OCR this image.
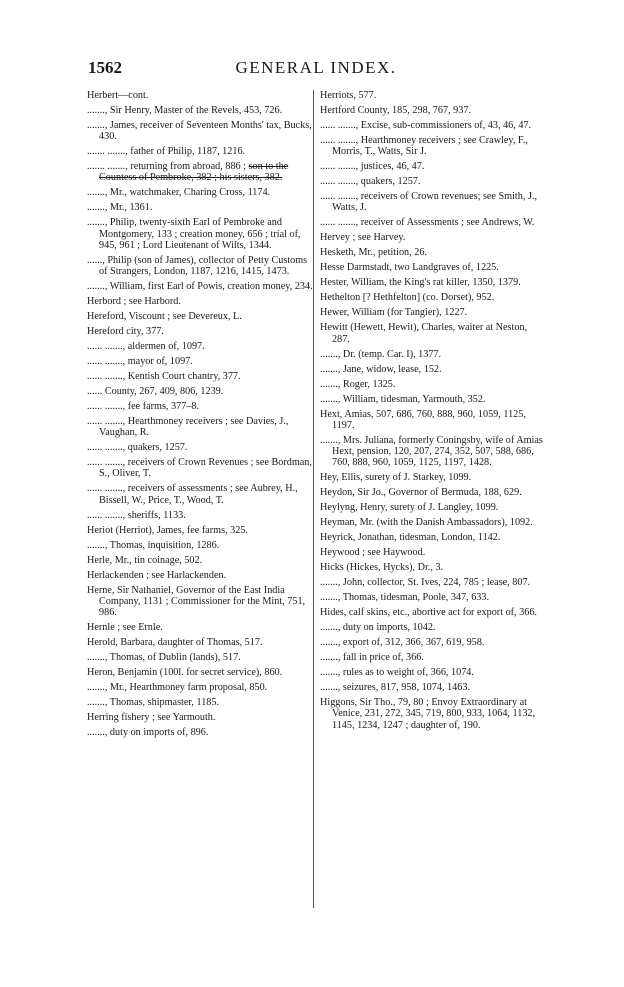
1562	GENERAL INDEX.

Herbert—cont.

......., Sir Henry, Master of the Revels, 453, 726.

......., James, receiver of Seventeen Months' tax, Bucks, 430.

....... ......., father of Philip, 1187, 1216.

....... ......., returning from abroad, 886 ; son to the Countess of Pembroke, 382 ; his sisters, 382.

......., Mr., watchmaker, Charing Cross, 1174.

......., Mr., 1361.

......., Philip, twenty-sixth Earl of Pembroke and Montgomery, 133 ; creation money, 656 ; trial of, 945, 961 ; Lord Lieutenant of Wilts, 1344.

......, Philip (son of James), collector of Petty Customs of Strangers, London, 1187, 1216, 1415, 1473.

......., William, first Earl of Powis, creation money, 234.

Herbord ; see Harbord.

Hereford, Viscount ; see Devereux, L.

Hereford city, 377.

...... ......., aldermen of, 1097.

...... ......., mayor of, 1097.

...... ......., Kentish Court chantry, 377.

...... County, 267, 409, 806, 1239.

...... ......., fee farms, 377–8.

...... ......., Hearthmoney receivers ; see Davies, J., Vaughan, R.

...... ......., quakers, 1257.

...... ......., receivers of Crown Revenues ; see Bordman, S., Oliver, T.

...... ......., receivers of assessments ; see Aubrey, H., Bissell, W., Price, T., Wood, T.

...... ......., sheriffs, 1133.

Heriot (Herriot), James, fee farms, 325.

......., Thomas, inquisition, 1286.

Herle, Mr., tin coinage, 502.

Herlackenden ; see Harlackenden.

Herne, Sir Nathaniel, Governor of the East India Company, 1131 ; Commissioner for the Mint, 751, 986.

Hernle ; see Ernle.

Herold, Barbara, daughter of Thomas, 517.

......., Thomas, of Dublin (lands), 517.

Heron, Benjamin (100l. for secret service), 860.

......., Mr., Hearthmoney farm proposal, 850.

......., Thomas, shipmaster, 1185.

Herring fishery ; see Yarmouth.

......., duty on imports of, 896.

Herriots, 577.

Hertford County, 185, 298, 767, 937.

...... ......., Excise, sub-commissioners of, 43, 46, 47.

...... ......., Hearthmoney receivers ; see Crawley, F., Morris, T., Watts, Sir J.

...... ......., justices, 46, 47.

...... ......., quakers, 1257.

...... ......., receivers of Crown revenues; see Smith, J., Watts, J.

...... ......., receiver of Assessments ; see Andrews, W.

Hervey ; see Harvey.

Hesketh, Mr., petition, 26.

Hesse Darmstadt, two Landgraves of, 1225.

Hester, William, the King's rat killer, 1350, 1379.

Hethelton [? Hethfelton] (co. Dorset), 952.

Hewer, William (for Tangier), 1227.

Hewitt (Hewett, Hewit), Charles, waiter at Neston, 287.

......., Dr. (temp. Car. I), 1377.

......., Jane, widow, lease, 152.

......., Roger, 1325.

......., William, tidesman, Yarmouth, 352.

Hext, Amias, 507, 686, 760, 888, 960, 1059, 1125, 1197.

......., Mrs. Juliana, formerly Coningsby, wife of Amias Hext, pension, 120, 207, 274, 352, 507, 588, 686, 760, 888, 960, 1059, 1125, 1197, 1428.

Hey, Ellis, surety of J. Starkey, 1099.

Heydon, Sir Jo., Governor of Bermuda, 188, 629.

Heylyng, Henry, surety of J. Langley, 1099.

Heyman, Mr. (with the Danish Ambassadors), 1092.

Heyrick, Jonathan, tidesman, London, 1142.

Heywood ; see Haywood.

Hicks (Hickes, Hycks), Dr., 3.

......., John, collector, St. Ives, 224, 785 ; lease, 807.

......., Thomas, tidesman, Poole, 347, 633.

Hides, calf skins, etc., abortive act for export of, 366.

......., duty on imports, 1042.

......., export of, 312, 366, 367, 619, 958.

......., fall in price of, 366.

......., rules as to weight of, 366, 1074.

......., seizures, 817, 958, 1074, 1463.

Higgons, Sir Tho., 79, 80 ; Envoy Extraordinary at Venice, 231, 272, 345, 719, 800, 933, 1064, 1132, 1145, 1234, 1247 ; daughter of, 190.
